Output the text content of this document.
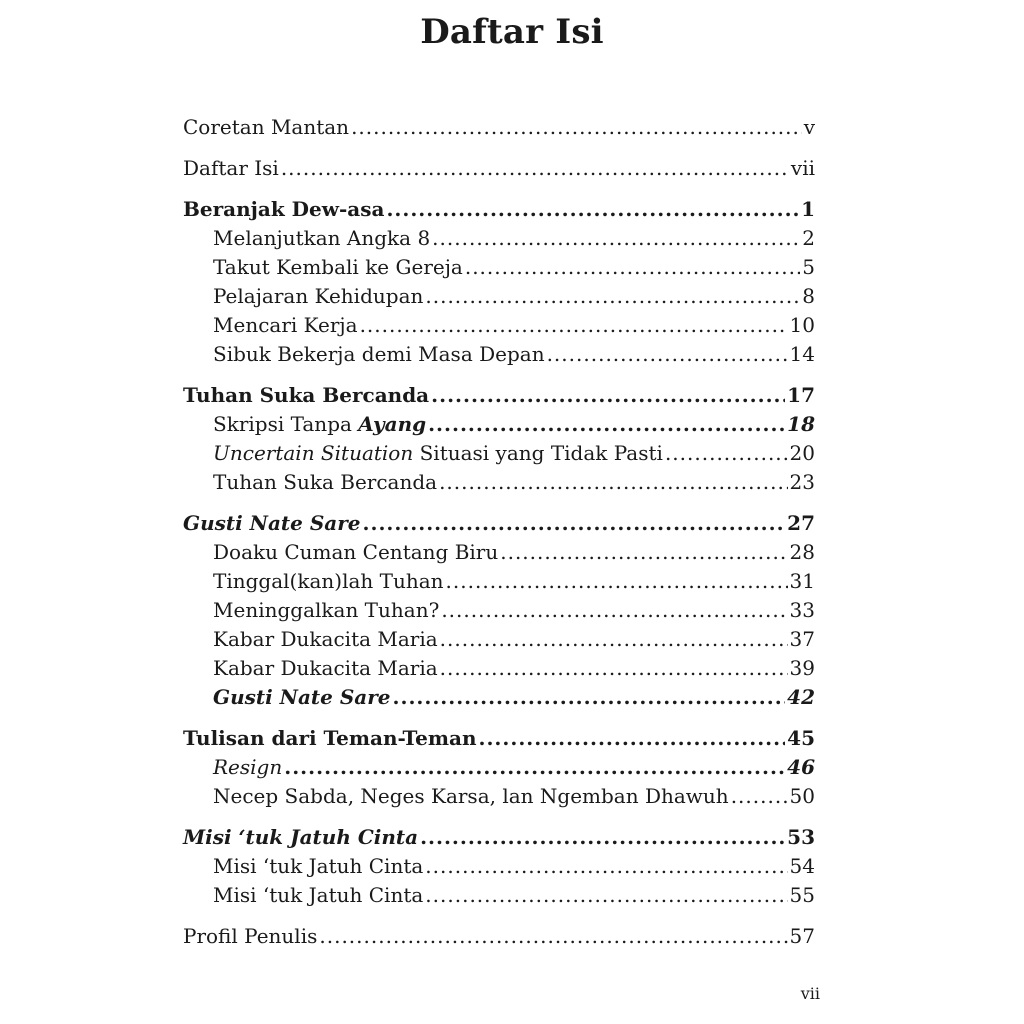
Daftar Isi
Coretan Mantan .....	v
Daftar Isi .....	vii
Beranjak Dew-asa .....	1
Melanjutkan Angka 8 .....	2
Takut Kembali ke Gereja .....	5
Pelajaran Kehidupan .....	8
Mencari Kerja .....	10
Sibuk Bekerja demi Masa Depan .....	14
Tuhan Suka Bercanda .....	17
Skripsi Tanpa Ayang .....	18
Uncertain Situation Situasi yang Tidak Pasti .....	20
Tuhan Suka Bercanda .....	23
Gusti Nate Sare .....	27
Doaku Cuman Centang Biru .....	28
Tinggal(kan)lah Tuhan .....	31
Meninggalkan Tuhan? .....	33
Kabar Dukacita Maria .....	37
Kabar Dukacita Maria .....	39
Gusti Nate Sare .....	42
Tulisan dari Teman-Teman .....	45
Resign .....	46
Necep Sabda, Neges Karsa, lan Ngemban Dhawuh .....	50
Misi ‘tuk Jatuh Cinta .....	53
Misi ‘tuk Jatuh Cinta .....	54
Misi ‘tuk Jatuh Cinta .....	55
Profil Penulis .....	57
vii
